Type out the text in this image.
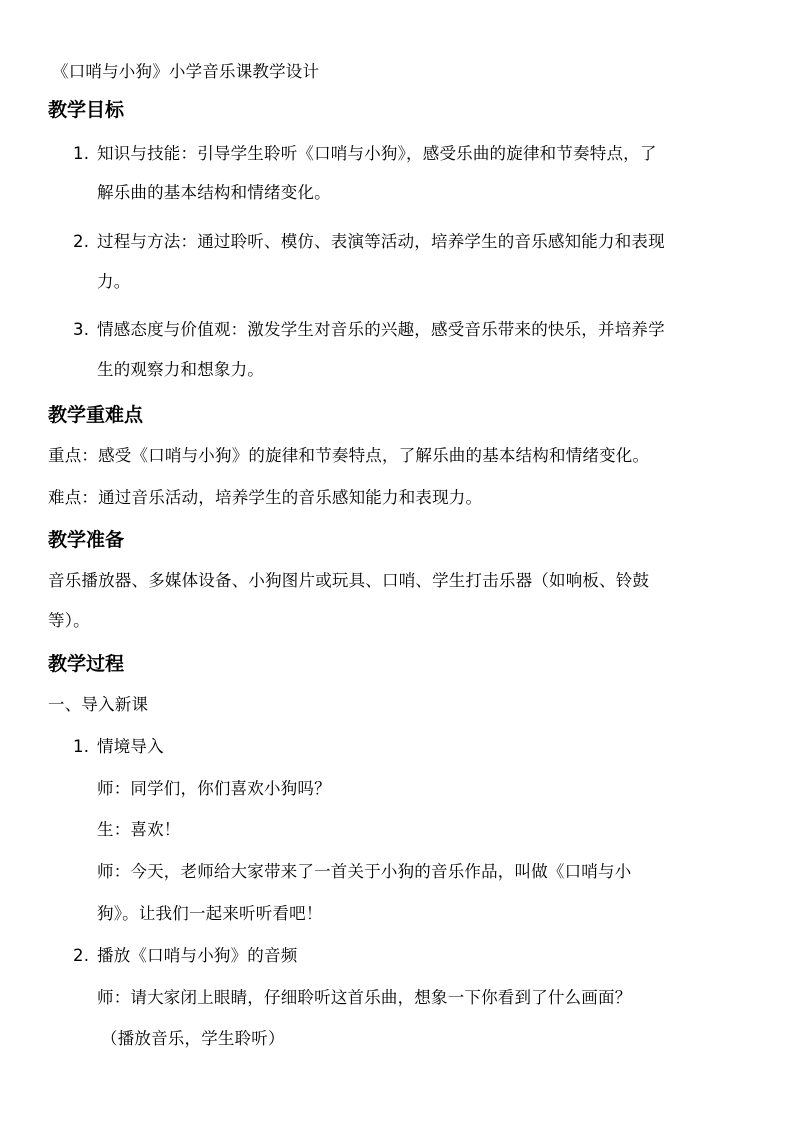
《口哨与小狗》小学音乐课教学设计
教学目标
1. 知识与技能：引导学生聆听《口哨与小狗》，感受乐曲的旋律和节奏特点，了
解乐曲的基本结构和情绪变化。
2. 过程与方法：通过聆听、模仿、表演等活动，培养学生的音乐感知能力和表现
力。
3. 情感态度与价值观：激发学生对音乐的兴趣，感受音乐带来的快乐，并培养学
生的观察力和想象力。
教学重难点
重点：感受《口哨与小狗》的旋律和节奏特点，了解乐曲的基本结构和情绪变化。
难点：通过音乐活动，培养学生的音乐感知能力和表现力。
教学准备
音乐播放器、多媒体设备、小狗图片或玩具、口哨、学生打击乐器（如响板、铃鼓
等）。
教学过程
一、导入新课
1. 情境导入
师：同学们，你们喜欢小狗吗？
生：喜欢！
师：今天，老师给大家带来了一首关于小狗的音乐作品，叫做《口哨与小
狗》。让我们一起来听听看吧！
2. 播放《口哨与小狗》的音频
师：请大家闭上眼睛，仔细聆听这首乐曲，想象一下你看到了什么画面？
（播放音乐，学生聆听）
